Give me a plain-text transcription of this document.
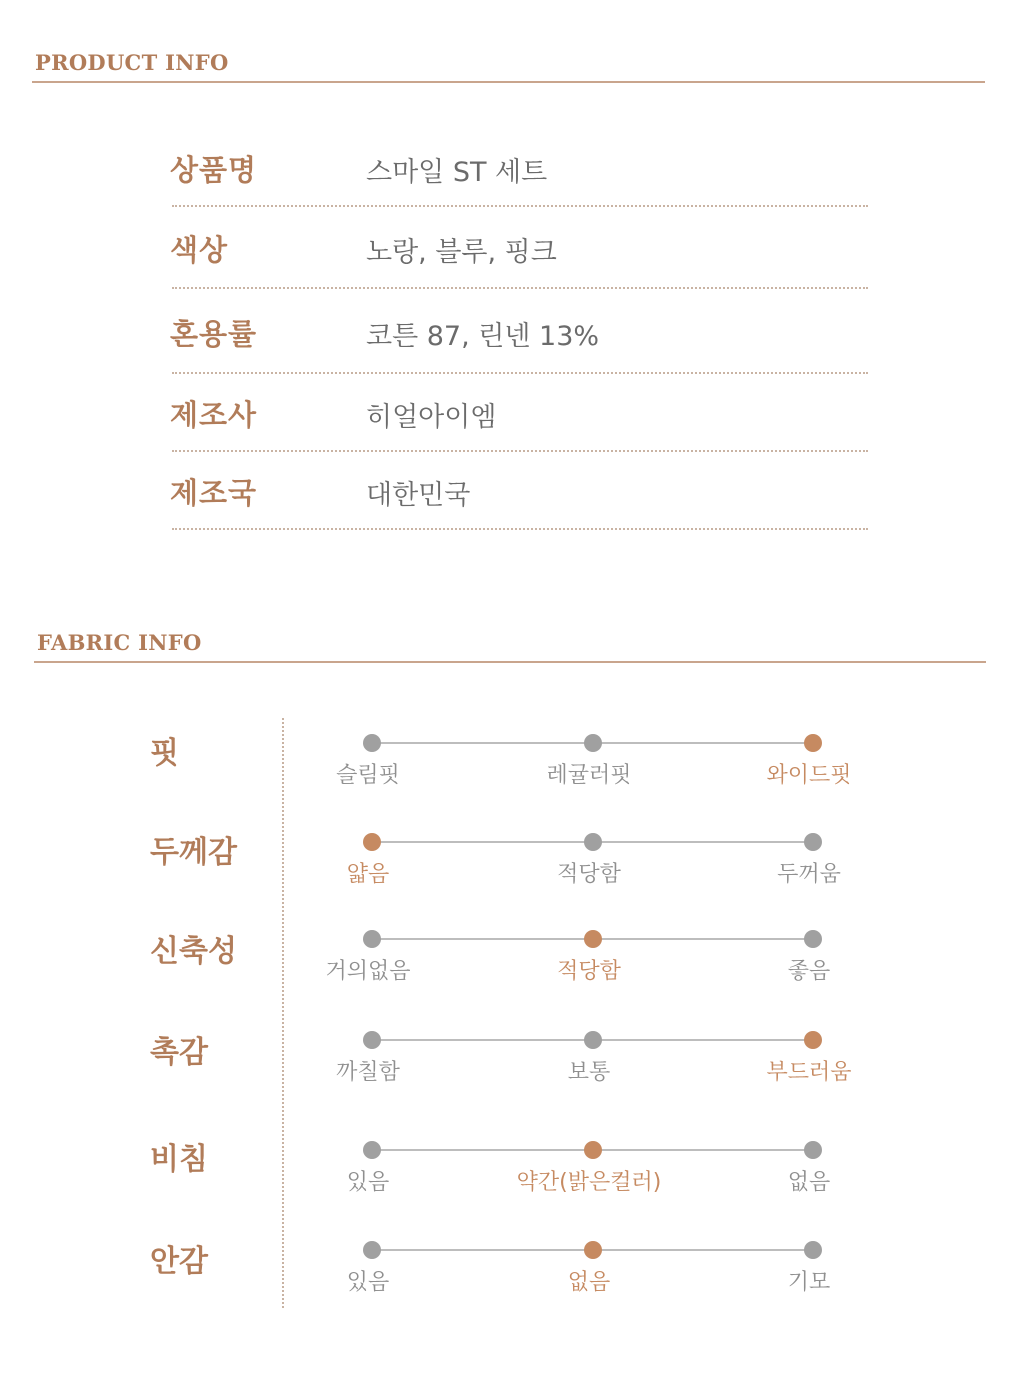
PRODUCT INFO
상품명	스마일 ST 세트
색상	노랑, 블루, 핑크
혼용률	코튼 87, 린넨 13%
제조사	히얼아이엠
제조국	대한민국
FABRIC INFO
핏
슬림핏	레귤러핏	와이드핏
두께감
얇음	적당함	두꺼움
신축성
거의없음	적당함	좋음
촉감
까칠함	보통	부드러움
비침
있음	약간(밝은컬러)	없음
안감
있음	없음	기모
